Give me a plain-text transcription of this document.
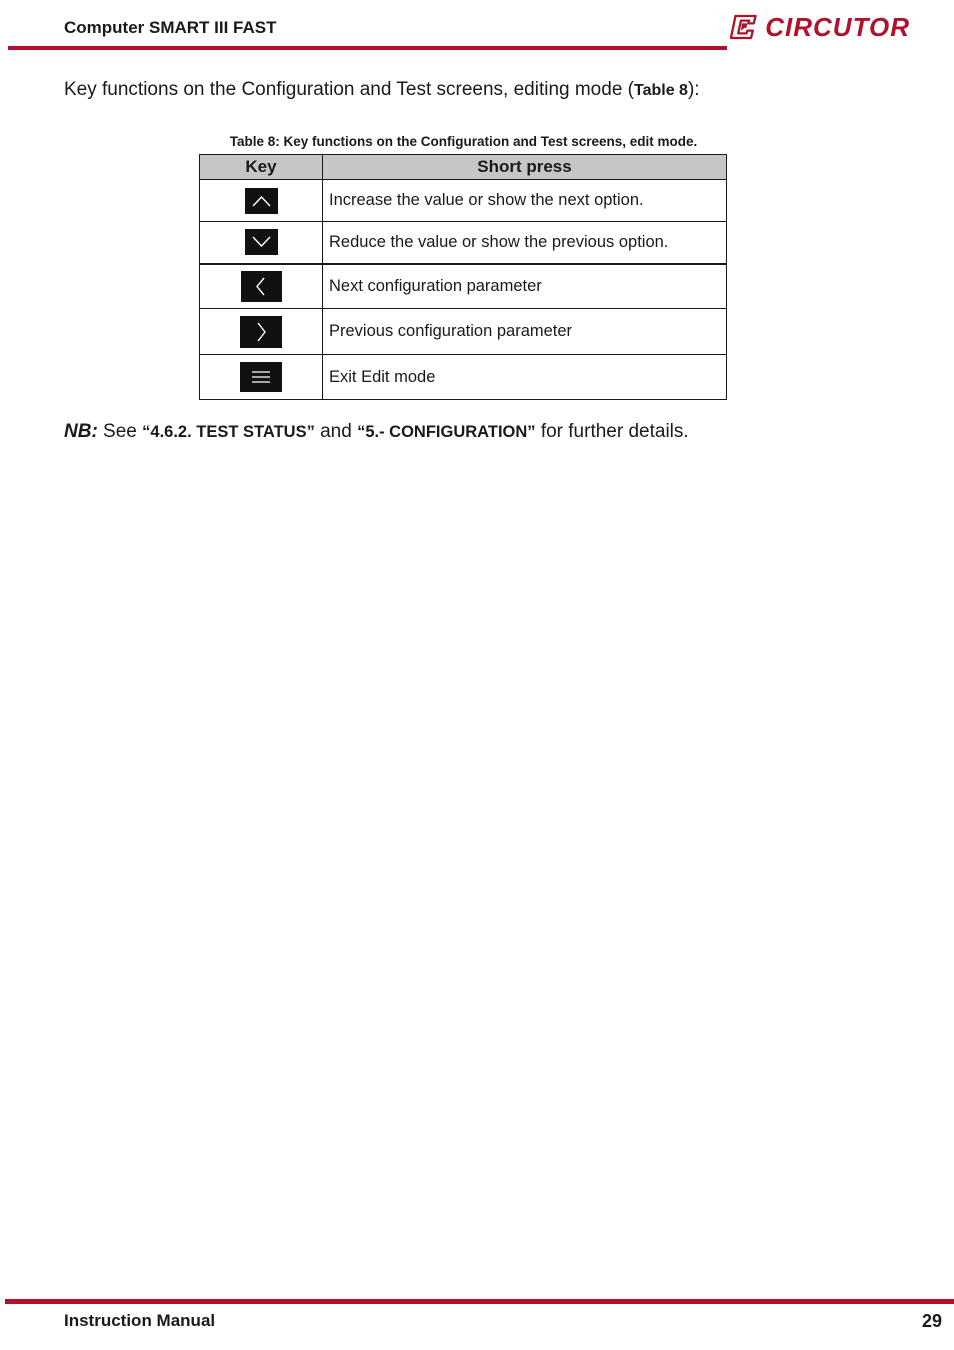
Computer SMART III FAST	CIRCUTOR
Key functions on the Configuration and Test screens, editing mode (Table 8):
Table 8: Key functions on the Configuration and Test screens, edit mode.
Key	Short press

	Increase the value or show the next option.

	Reduce the value or show the previous option.

	Next configuration parameter

	Previous configuration parameter

	Exit Edit mode
NB: See “4.6.2. TEST STATUS” and “5.- CONFIGURATION” for further details.
Instruction Manual	29
